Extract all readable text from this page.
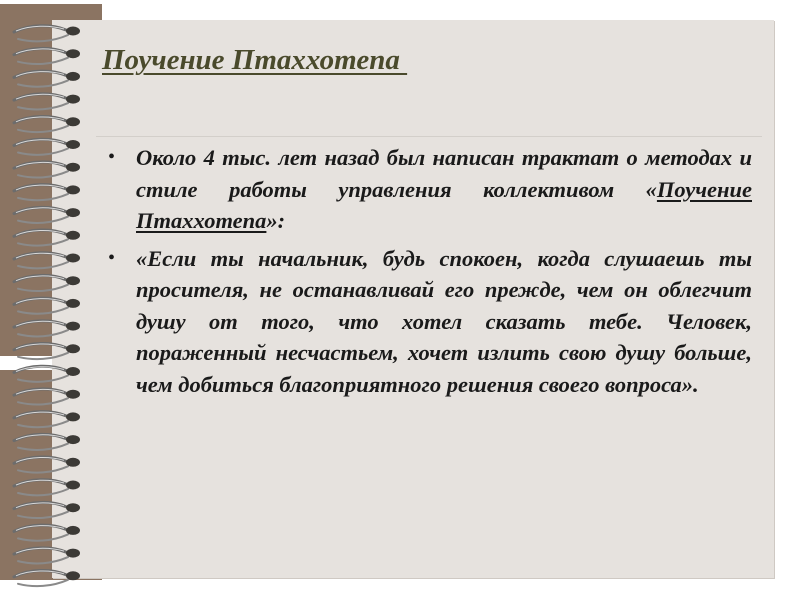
Поучение Птаххотепа
• Около 4 тыс. лет назад был написан трактат о методах и стиле работы управления коллективом «Поучение Птаххотепа»:
• «Если ты начальник, будь спокоен, когда слушаешь ты просителя, не останавливай его прежде, чем он облегчит душу от того, что хотел сказать тебе. Человек, пораженный несчастьем, хочет излить свою душу больше, чем добиться благоприятного решения своего вопроса».
